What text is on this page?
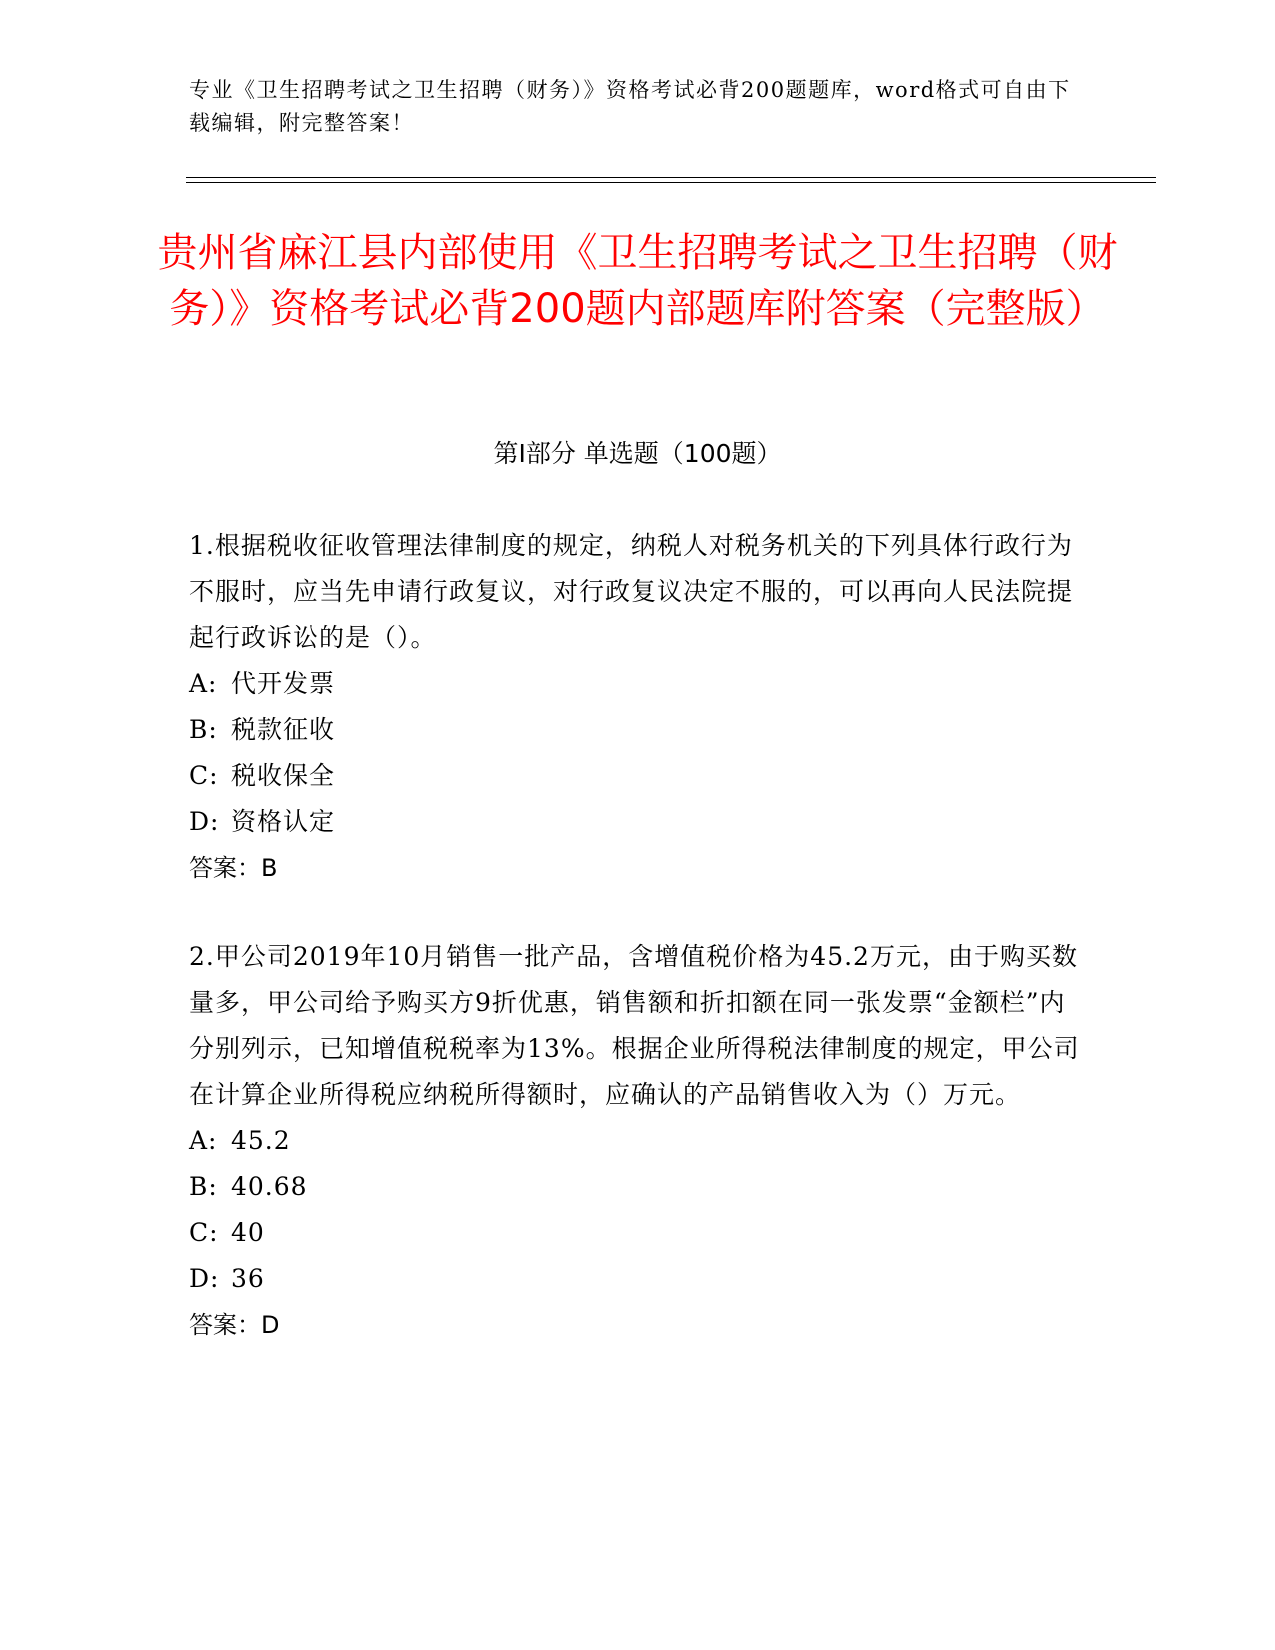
专业《卫生招聘考试之卫生招聘（财务）》资格考试必背200题题库，word格式可自由下载编辑，附完整答案！
贵州省麻江县内部使用《卫生招聘考试之卫生招聘（财务）》资格考试必背200题内部题库附答案（完整版）
第Ⅰ部分 单选题（100题）

1.根据税收征收管理法律制度的规定，纳税人对税务机关的下列具体行政行为不服时，应当先申请行政复议，对行政复议决定不服的，可以再向人民法院提起行政诉讼的是（）。

A: 代开发票

B: 税款征收

C: 税收保全

D: 资格认定

答案：B

2.甲公司2019年10月销售一批产品，含增值税价格为45.2万元，由于购买数量多，甲公司给予购买方9折优惠，销售额和折扣额在同一张发票“金额栏”内分别列示，已知增值税税率为13%。根据企业所得税法律制度的规定，甲公司在计算企业所得税应纳税所得额时，应确认的产品销售收入为（）万元。

A: 45.2

B: 40.68

C: 40

D: 36

答案：D
